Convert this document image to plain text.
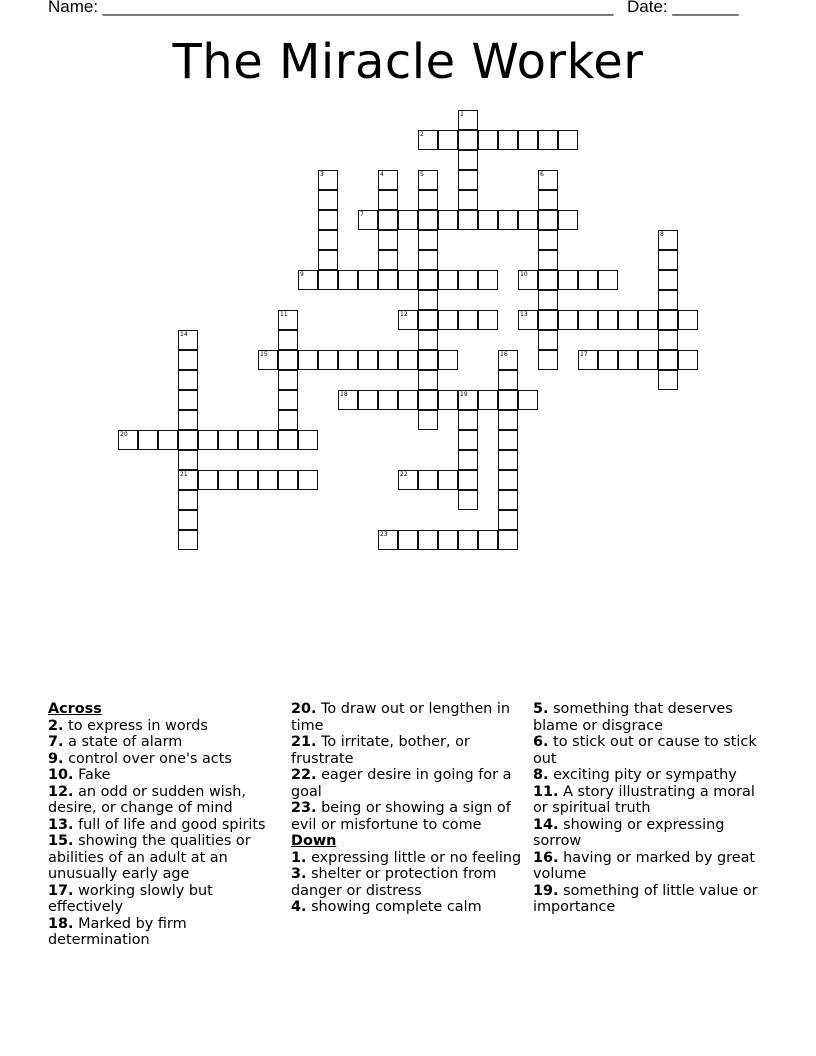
Name: ______________________________________________________ Date: _______
The Miracle Worker
1
2
3	4	5	6
7
8
9	10
11	12	13
14
21
15	16	17
18	19
20
22
23
Across
2. to express in words
7. a state of alarm
9. control over one's acts
10. Fake
12. an odd or sudden wish, desire, or change of mind
13. full of life and good spirits
15. showing the qualities or abilities of an adult at an unusually early age
17. working slowly but effectively
18. Marked by firm determination
20. To draw out or lengthen in time
21. To irritate, bother, or frustrate
22. eager desire in going for a goal
23. being or showing a sign of evil or misfortune to come
Down
1. expressing little or no feeling
3. shelter or protection from danger or distress
4. showing complete calm
5. something that deserves blame or disgrace
6. to stick out or cause to stick out
8. exciting pity or sympathy
11. A story illustrating a moral or spiritual truth
14. showing or expressing sorrow
16. having or marked by great volume
19. something of little value or importance
